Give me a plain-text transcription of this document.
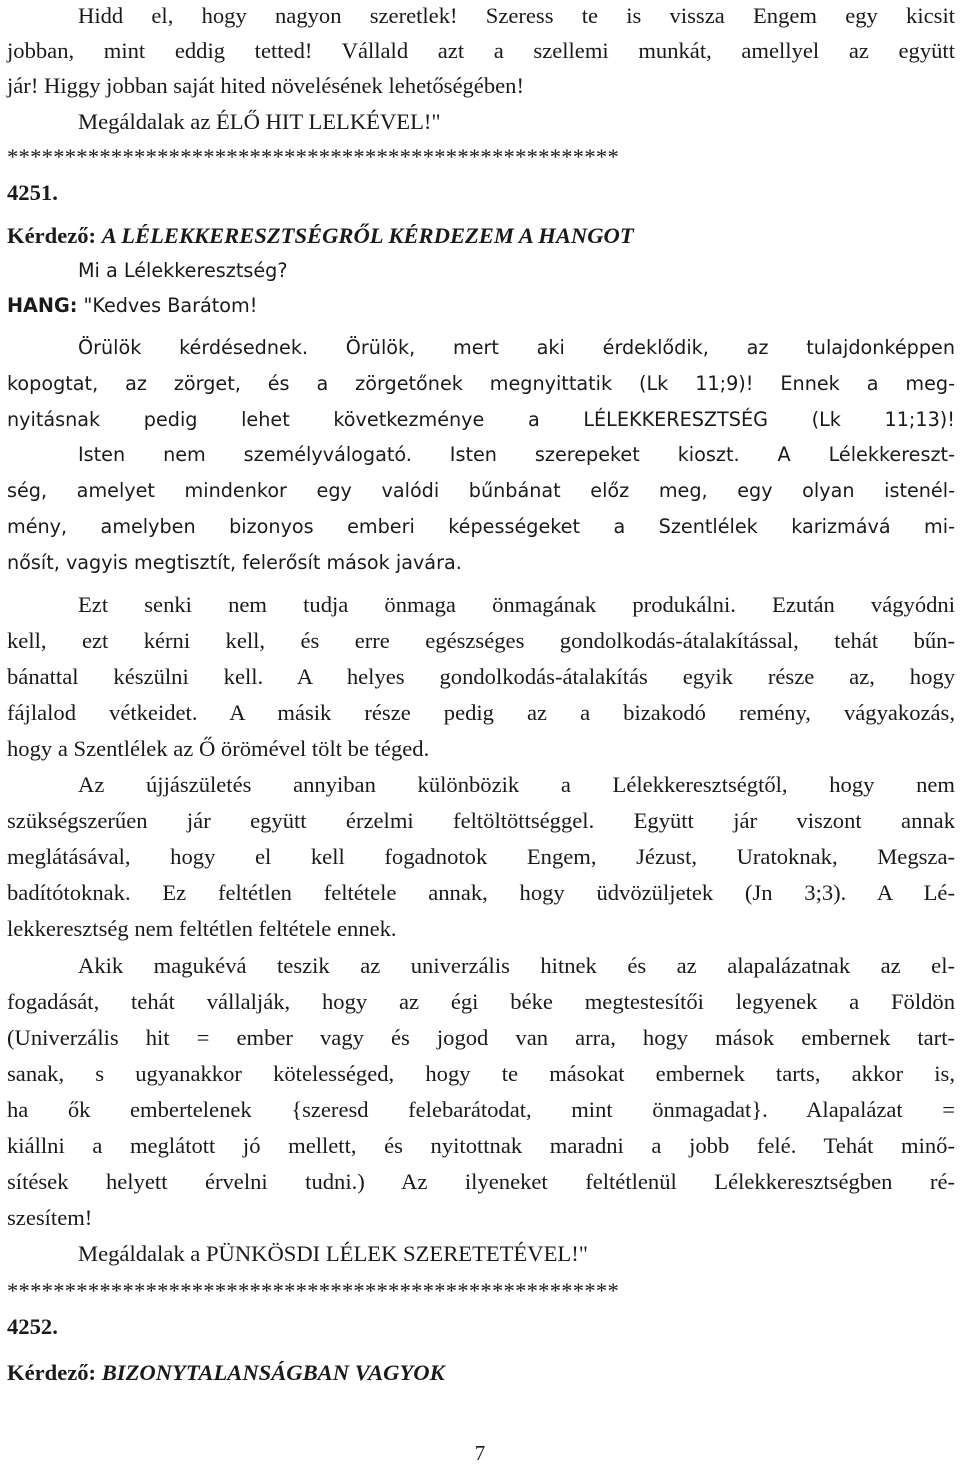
Hidd el, hogy nagyon szeretlek! Szeress te is vissza Engem egy kicsit
jobban, mint eddig tetted! Vállald azt a szellemi munkát, amellyel az együtt
jár! Higgy jobban saját hited növelésének lehetőségében!
Megáldalak az ÉLŐ HIT LELKÉVEL!"
*****************************************************
4251.
Kérdező: A LÉLEKKERESZTSÉGRŐL KÉRDEZEM A HANGOT
Mi a Lélekkeresztség?
HANG: "Kedves Barátom!
Örülök kérdésednek. Örülök, mert aki érdeklődik, az tulajdonképpen
kopogtat, az zörget, és a zörgetőnek megnyittatik (Lk 11;9)! Ennek a meg-
nyitásnak pedig lehet következménye a LÉLEKKERESZTSÉG (Lk 11;13)!
Isten nem személyválogató. Isten szerepeket kioszt. A Lélekkereszt-
ség, amelyet mindenkor egy valódi bűnbánat előz meg, egy olyan istenél-
mény, amelyben bizonyos emberi képességeket a Szentlélek karizmává mi-
nősít, vagyis megtisztít, felerősít mások javára.
Ezt senki nem tudja önmaga önmagának produkálni. Ezután vágyódni
kell, ezt kérni kell, és erre egészséges gondolkodás-átalakítással, tehát bűn-
bánattal készülni kell. A helyes gondolkodás-átalakítás egyik része az, hogy
fájlalod vétkeidet. A másik része pedig az a bizakodó remény, vágyakozás,
hogy a Szentlélek az Ő örömével tölt be téged.
Az újjászületés annyiban különbözik a Lélekkeresztségtől, hogy nem
szükségszerűen jár együtt érzelmi feltöltöttséggel. Együtt jár viszont annak
meglátásával, hogy el kell fogadnotok Engem, Jézust, Uratoknak, Megsza-
badítótoknak. Ez feltétlen feltétele annak, hogy üdvözüljetek (Jn 3;3). A Lé-
lekkeresztség nem feltétlen feltétele ennek.
Akik magukévá teszik az univerzális hitnek és az alapalázatnak az el-
fogadását, tehát vállalják, hogy az égi béke megtestesítői legyenek a Földön
(Univerzális hit = ember vagy és jogod van arra, hogy mások embernek tart-
sanak, s ugyanakkor kötelességed, hogy te másokat embernek tarts, akkor is,
ha ők embertelenek {szeresd felebarátodat, mint önmagadat}. Alapalázat =
kiállni a meglátott jó mellett, és nyitottnak maradni a jobb felé. Tehát minő-
sítések helyett érvelni tudni.) Az ilyeneket feltétlenül Lélekkeresztségben ré-
szesítem!
Megáldalak a PÜNKÖSDI LÉLEK SZERETETÉVEL!"
*****************************************************
4252.
Kérdező: BIZONYTALANSÁGBAN VAGYOK
7
